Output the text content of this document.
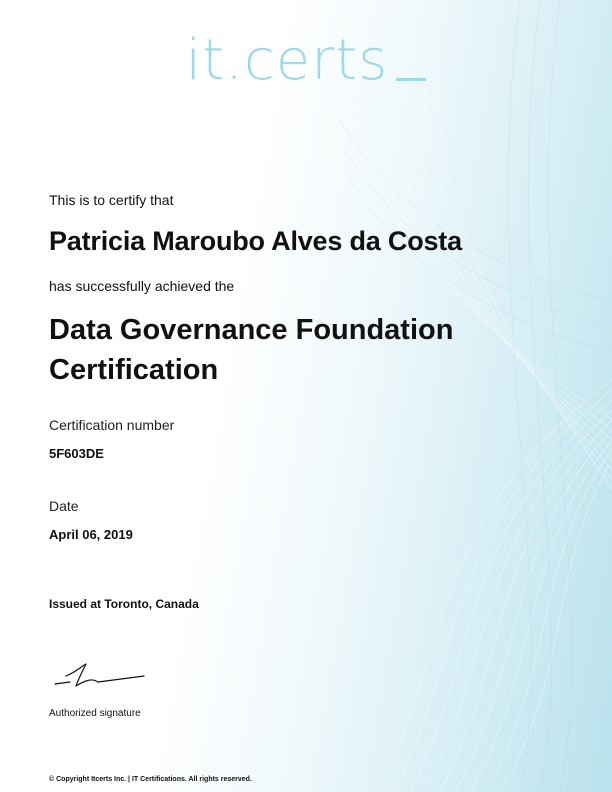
it.certs
This is to certify that
Patricia Maroubo Alves da Costa
has successfully achieved the
Data Governance Foundation Certification
Certification number
5F603DE
Date
April 06, 2019
Issued at Toronto, Canada
Authorized signature
© Copyright Itcerts Inc. | IT Certifications. All rights reserved.
